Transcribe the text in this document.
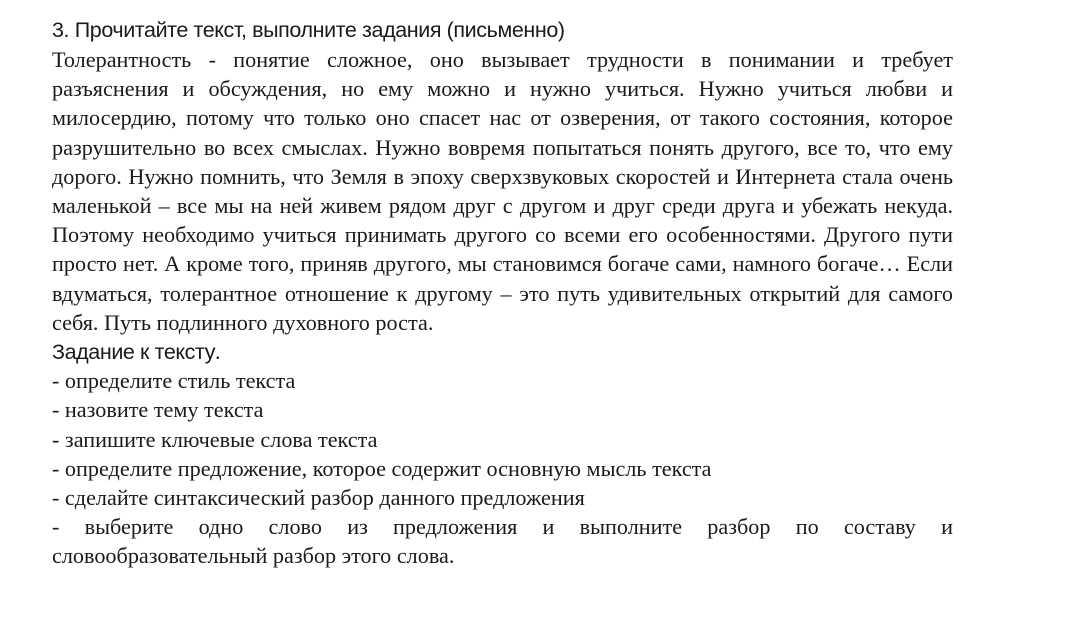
3. Прочитайте текст, выполните задания (письменно)

Толерантность - понятие сложное, оно вызывает трудности в понимании и требует разъяснения и обсуждения, но ему можно и нужно учиться. Нужно учиться любви и милосердию, потому что только оно спасет нас от озверения, от такого состояния, которое разрушительно во всех смыслах. Нужно вовремя попытаться понять другого, все то, что ему дорого. Нужно помнить, что Земля в эпоху сверхзвуковых скоростей и Интернета стала очень маленькой – все мы на ней живем рядом друг с другом и друг среди друга и убежать некуда. Поэтому необходимо учиться принимать другого со всеми его особенностями. Другого пути просто нет. А кроме того, приняв другого, мы становимся богаче сами, намного богаче… Если вдуматься, толерантное отношение к другому – это путь удивительных открытий для самого себя. Путь подлинного духовного роста.

Задание к тексту.
- определите стиль текста
- назовите тему текста
- запишите ключевые слова текста
- определите предложение, которое содержит основную мысль текста
- сделайте синтаксический разбор данного предложения
- выберите одно слово из предложения и выполните разбор по составу и словообразовательный разбор этого слова.
